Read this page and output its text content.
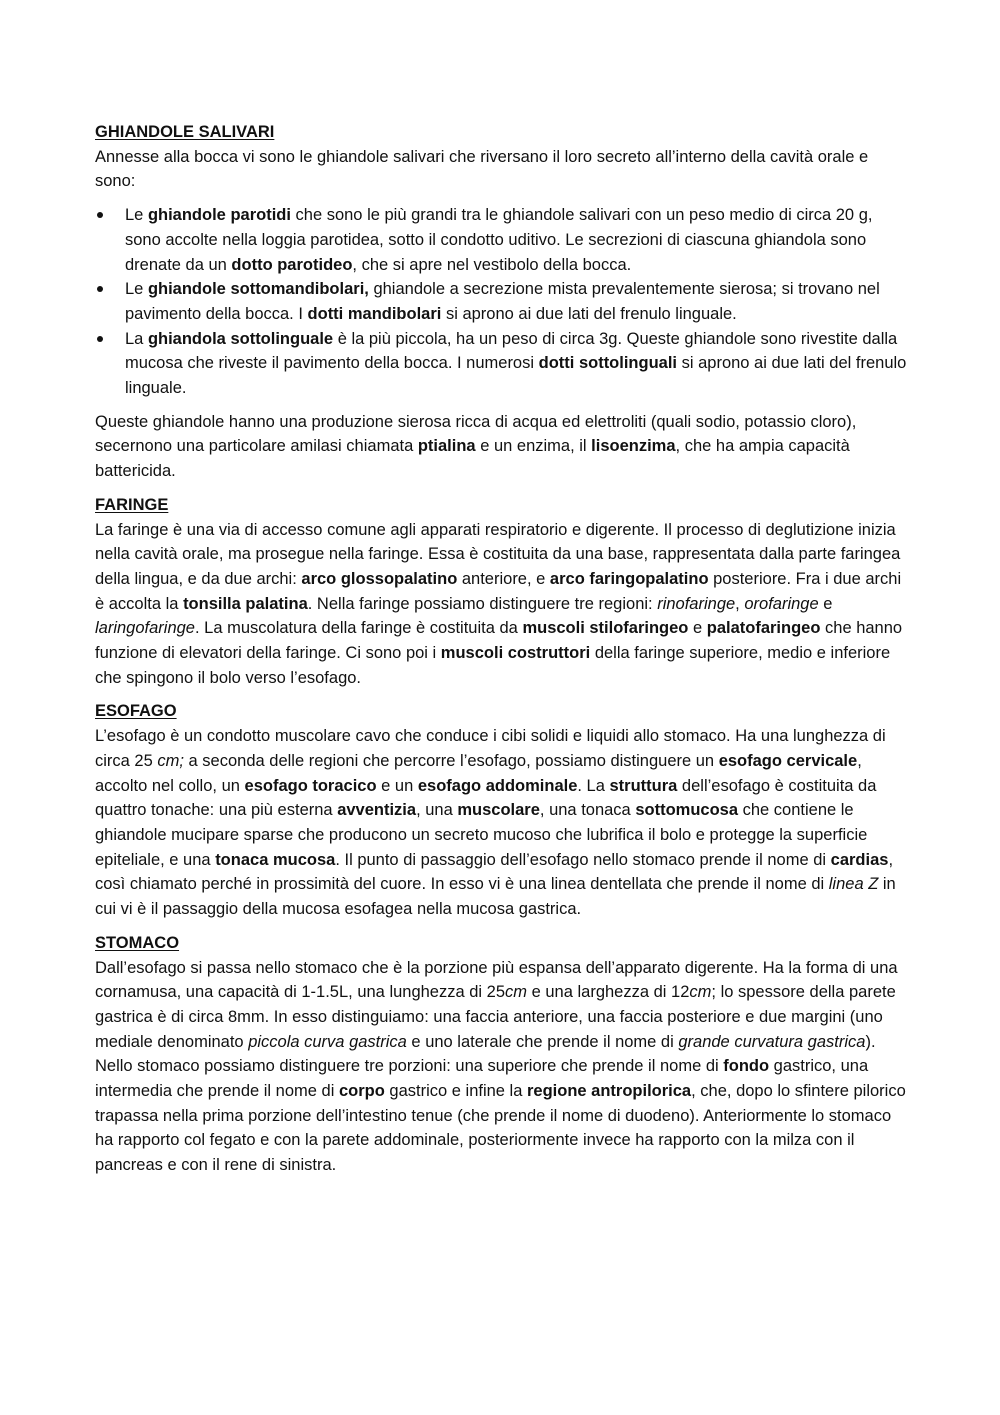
GHIANDOLE SALIVARI

Annesse alla bocca vi sono le ghiandole salivari che riversano il loro secreto all’interno della cavità orale e sono:

Le ghiandole parotidi che sono le più grandi tra le ghiandole salivari con un peso medio di circa 20 g, sono accolte nella loggia parotidea, sotto il condotto uditivo. Le secrezioni di ciascuna ghiandola sono drenate da un dotto parotideo, che si apre nel vestibolo della bocca.
Le ghiandole sottomandibolari, ghiandole a secrezione mista prevalentemente sierosa; si trovano nel pavimento della bocca. I dotti mandibolari si aprono ai due lati del frenulo linguale.
La ghiandola sottolinguale è la più piccola, ha un peso di circa 3g. Queste ghiandole sono rivestite dalla mucosa che riveste il pavimento della bocca. I numerosi dotti sottolinguali si aprono ai due lati del frenulo linguale.

Queste ghiandole hanno una produzione sierosa ricca di acqua ed elettroliti (quali sodio, potassio cloro), secernono una particolare amilasi chiamata ptialina e un enzima, il lisoenzima, che ha ampia capacità battericida.

FARINGE

La faringe è una via di accesso comune agli apparati respiratorio e digerente. Il processo di deglutizione inizia nella cavità orale, ma prosegue nella faringe. Essa è costituita da una base, rappresentata dalla parte faringea della lingua, e da due archi: arco glossopalatino anteriore, e arco faringopalatino posteriore. Fra i due archi è accolta la tonsilla palatina. Nella faringe possiamo distinguere tre regioni: rinofaringe, orofaringe e laringofaringe. La muscolatura della faringe è costituita da muscoli stilofaringeo e palatofaringeo che hanno funzione di elevatori della faringe. Ci sono poi i muscoli costruttori della faringe superiore, medio e inferiore che spingono il bolo verso l’esofago.

ESOFAGO

L’esofago è un condotto muscolare cavo che conduce i cibi solidi e liquidi allo stomaco. Ha una lunghezza di circa 25 cm; a seconda delle regioni che percorre l’esofago, possiamo distinguere un esofago cervicale, accolto nel collo, un esofago toracico e un esofago addominale. La struttura dell’esofago è costituita da quattro tonache: una più esterna avventizia, una muscolare, una tonaca sottomucosa che contiene le ghiandole mucipare sparse che producono un secreto mucoso che lubrifica il bolo e protegge la superficie epiteliale, e una tonaca mucosa. Il punto di passaggio dell’esofago nello stomaco prende il nome di cardias, così chiamato perché in prossimità del cuore. In esso vi è una linea dentellata che prende il nome di linea Z in cui vi è il passaggio della mucosa esofagea nella mucosa gastrica.

STOMACO

Dall’esofago si passa nello stomaco che è la porzione più espansa dell’apparato digerente. Ha la forma di una cornamusa, una capacità di 1-1.5L, una lunghezza di 25cm e una larghezza di 12cm; lo spessore della parete gastrica è di circa 8mm. In esso distinguiamo: una faccia anteriore, una faccia posteriore e due margini (uno mediale denominato piccola curva gastrica e uno laterale che prende il nome di grande curvatura gastrica). Nello stomaco possiamo distinguere tre porzioni: una superiore che prende il nome di fondo gastrico, una intermedia che prende il nome di corpo gastrico e infine la regione antropilorica, che, dopo lo sfintere pilorico trapassa nella prima porzione dell’intestino tenue (che prende il nome di duodeno). Anteriormente lo stomaco ha rapporto col fegato e con la parete addominale, posteriormente invece ha rapporto con la milza con il pancreas e con il rene di sinistra.
